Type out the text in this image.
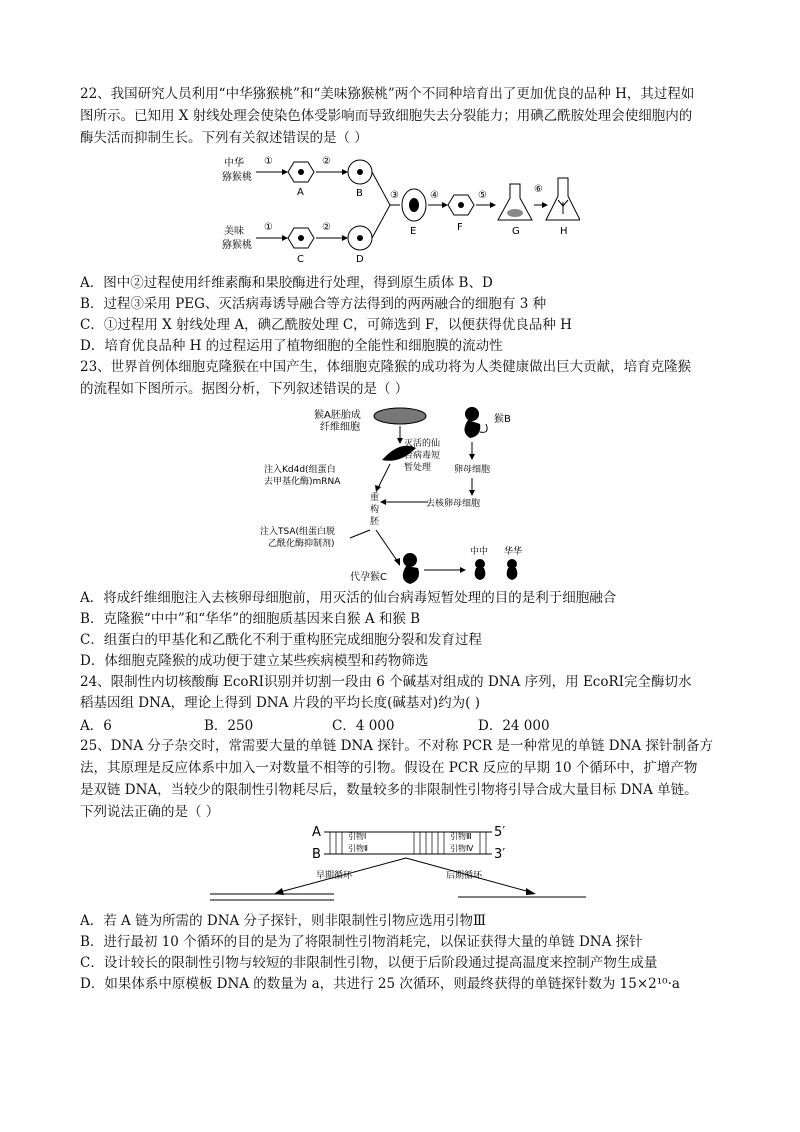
22、我国研究人员利用“中华猕猴桃”和“美味猕猴桃”两个不同种培育出了更加优良的品种 H，其过程如
图所示。已知用 X 射线处理会使染色体受影响而导致细胞失去分裂能力；用碘乙酰胺处理会使细胞内的
酶失活而抑制生长。下列有关叙述错误的是（ ）
中华
猕猴桃
美味
猕猴桃
①
A
②
B
①
C
②
D
③
E
④
F
⑤
G
⑥
H
A．图中②过程使用纤维素酶和果胶酶进行处理，得到原生质体 B、D
B．过程③采用 PEG、灭活病毒诱导融合等方法得到的两两融合的细胞有 3 种
C．①过程用 X 射线处理 A，碘乙酰胺处理 C，可筛选到 F，以便获得优良品种 H
D．培育优良品种 H 的过程运用了植物细胞的全能性和细胞膜的流动性
23、世界首例体细胞克隆猴在中国产生，体细胞克隆猴的成功将为人类健康做出巨大贡献，培育克隆猴
的流程如下图所示。据图分析，下列叙述错误的是（ ）
猴A胚胎成
纤维细胞
猴B
灭活的仙
台病毒短
暂处理	卵母细胞
注入Kd4d(组蛋白
去甲基化酶)mRNA
去核卵母细胞
重
构
胚
注入TSA(组蛋白脱
乙酰化酶抑制剂)
代孕猴C
中中 华华
A．将成纤维细胞注入去核卵母细胞前，用灭活的仙台病毒短暂处理的目的是利于细胞融合
B．克隆猴“中中”和“华华”的细胞质基因来自猴 A 和猴 B
C．组蛋白的甲基化和乙酰化不利于重构胚完成细胞分裂和发育过程
D．体细胞克隆猴的成功便于建立某些疾病模型和药物筛选
24、限制性内切核酸酶 EcoRⅠ识别并切割一段由 6 个碱基对组成的 DNA 序列，用 EcoRⅠ完全酶切水
稻基因组 DNA，理论上得到 DNA 片段的平均长度(碱基对)约为( )
A．6	B．250	C．4 000	D．24 000
25、DNA 分子杂交时，常需要大量的单链 DNA 探针。不对称 PCR 是一种常见的单链 DNA 探针制备方
法，其原理是反应体系中加入一对数量不相等的引物。假设在 PCR 反应的早期 10 个循环中，扩增产物
是双链 DNA，当较少的限制性引物耗尽后，数量较多的非限制性引物将引导合成大量目标 DNA 单链。
下列说法正确的是（ ）
A
B
5′
3′
引物Ⅰ
引物Ⅱ
引物Ⅲ
引物Ⅳ
早期循环	后期循环
A．若 A 链为所需的 DNA 分子探针，则非限制性引物应选用引物Ⅲ
B．进行最初 10 个循环的目的是为了将限制性引物消耗完，以保证获得大量的单链 DNA 探针
C．设计较长的限制性引物与较短的非限制性引物，以便于后阶段通过提高温度来控制产物生成量
D．如果体系中原模板 DNA 的数量为 a，共进行 25 次循环，则最终获得的单链探针数为 15×2¹⁰·a
